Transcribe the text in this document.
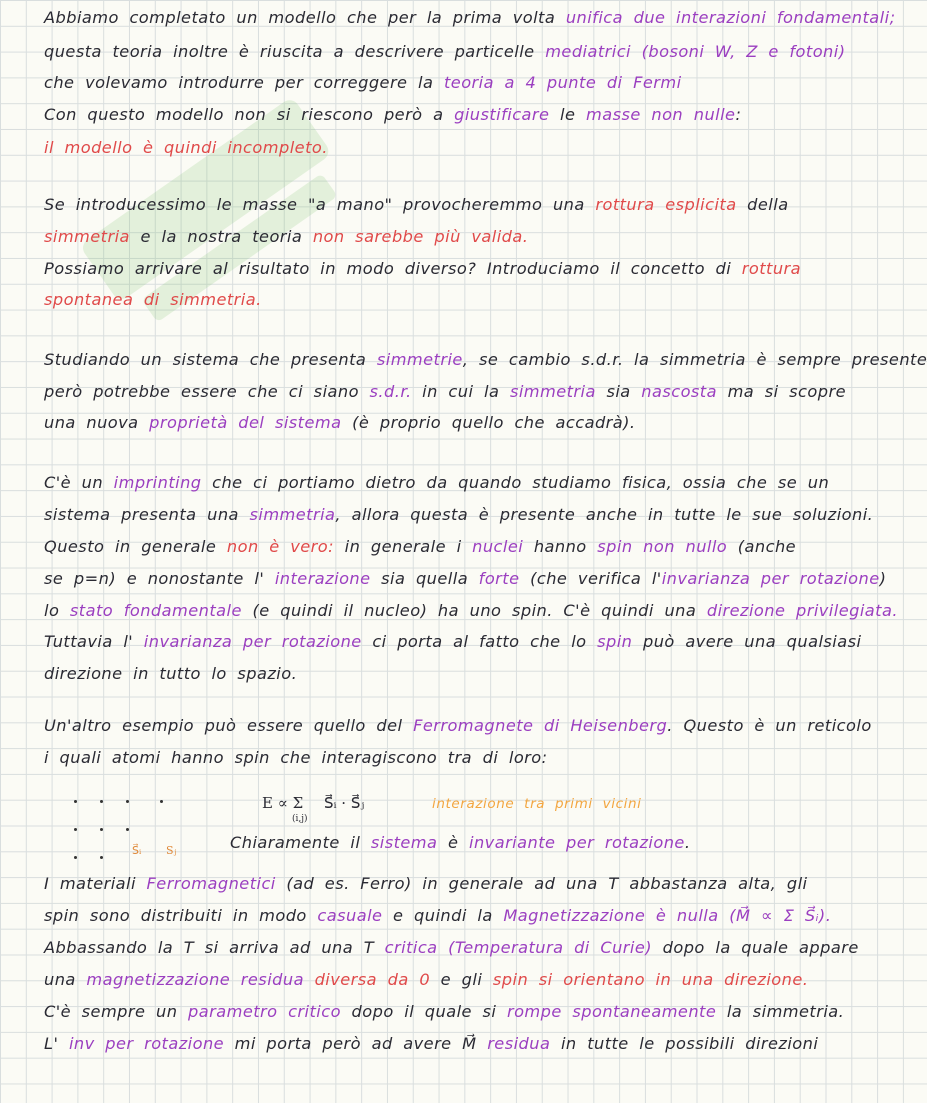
Abbiamo completato un modello che per la prima volta unifica due interazioni fondamentali;
questa teoria inoltre è riuscita a descrivere particelle mediatrici (bosoni W, Z e fotoni)
che volevamo introdurre per correggere la teoria a 4 punte di Fermi
Con questo modello non si riescono però a giustificare le masse non nulle:
il modello è quindi incompleto.
Se introducessimo le masse "a mano" provocheremmo una rottura esplicita della
simmetria e la nostra teoria non sarebbe più valida.
Possiamo arrivare al risultato in modo diverso? Introduciamo il concetto di rottura
spontanea di simmetria.
Studiando un sistema che presenta simmetrie, se cambio s.d.r. la simmetria è sempre presente
però potrebbe essere che ci siano s.d.r. in cui la simmetria sia nascosta ma si scopre
una nuova proprietà del sistema (è proprio quello che accadrà).
C'è un imprinting che ci portiamo dietro da quando studiamo fisica, ossia che se un
sistema presenta una simmetria, allora questa è presente anche in tutte le sue soluzioni.
Questo in generale non è vero: in generale i nuclei hanno spin non nullo (anche
se p=n) e nonostante l' interazione sia quella forte (che verifica l'invarianza per rotazione)
lo stato fondamentale (e quindi il nucleo) ha uno spin. C'è quindi una direzione privilegiata.
Tuttavia l' invarianza per rotazione ci porta al fatto che lo spin può avere una qualsiasi
direzione in tutto lo spazio.
Un'altro esempio può essere quello del Ferromagnete di Heisenberg. Questo è un reticolo
i quali atomi hanno spin che interagiscono tra di loro:
Chiaramente il sistema è invariante per rotazione.
I materiali Ferromagnetici (ad es. Ferro) in generale ad una T abbastanza alta, gli
spin sono distribuiti in modo casuale e quindi la Magnetizzazione è nulla (M⃗ ∝ Σ S⃗ᵢ).
Abbassando la T si arriva ad una T critica (Temperatura di Curie) dopo la quale appare
una magnetizzazione residua diversa da 0 e gli spin si orientano in una direzione.
C'è sempre un parametro critico dopo il quale si rompe spontaneamente la simmetria.
L' inv per rotazione mi porta però ad avere M⃗ residua in tutte le possibili direzioni
S⃗ᵢ Sⱼ
E ∝ Σ
(i,j)
S⃗ᵢ · S⃗ⱼ	interazione tra primi vicini
